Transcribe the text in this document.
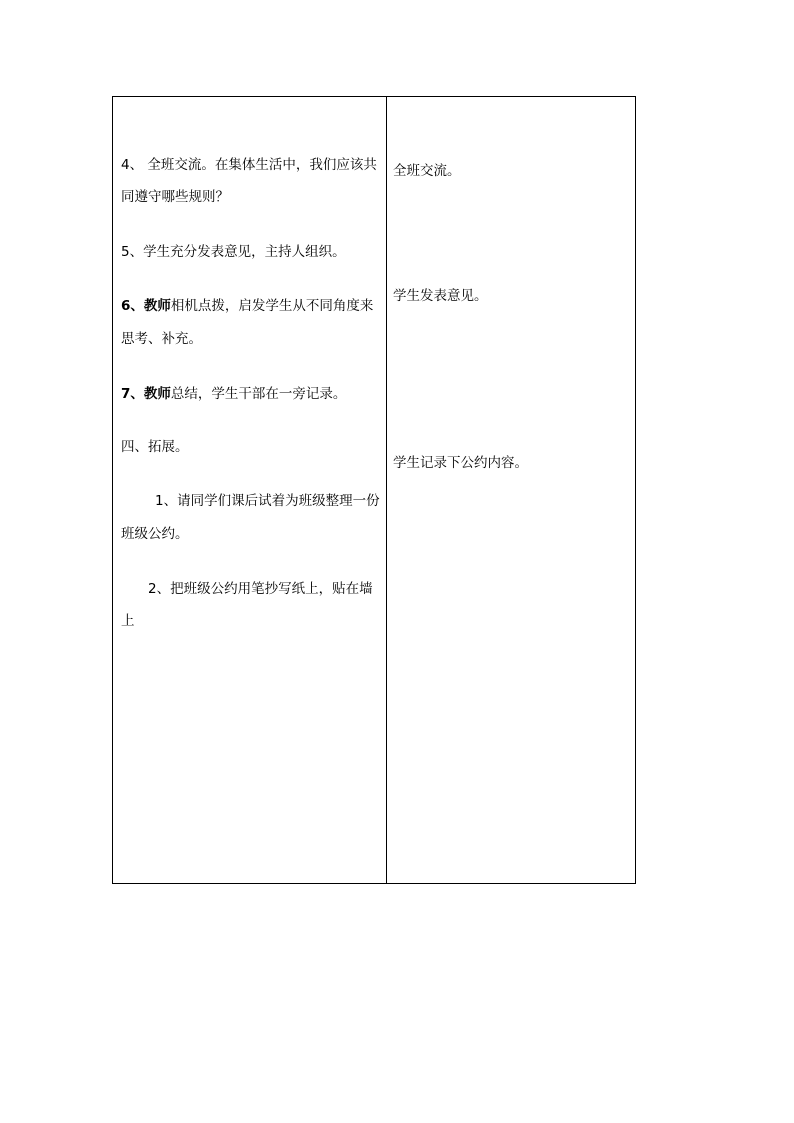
4、 全班交流。在集体生活中，我们应该共
同遵守哪些规则？
5、学生充分发表意见，主持人组织。
6、教师相机点拨，启发学生从不同角度来
思考、补充。
7、教师总结，学生干部在一旁记录。
四、拓展。
1、请同学们课后试着为班级整理一份
班级公约。
2、把班级公约用笔抄写纸上，贴在墙
上
全班交流。
学生发表意见。
学生记录下公约内容。
